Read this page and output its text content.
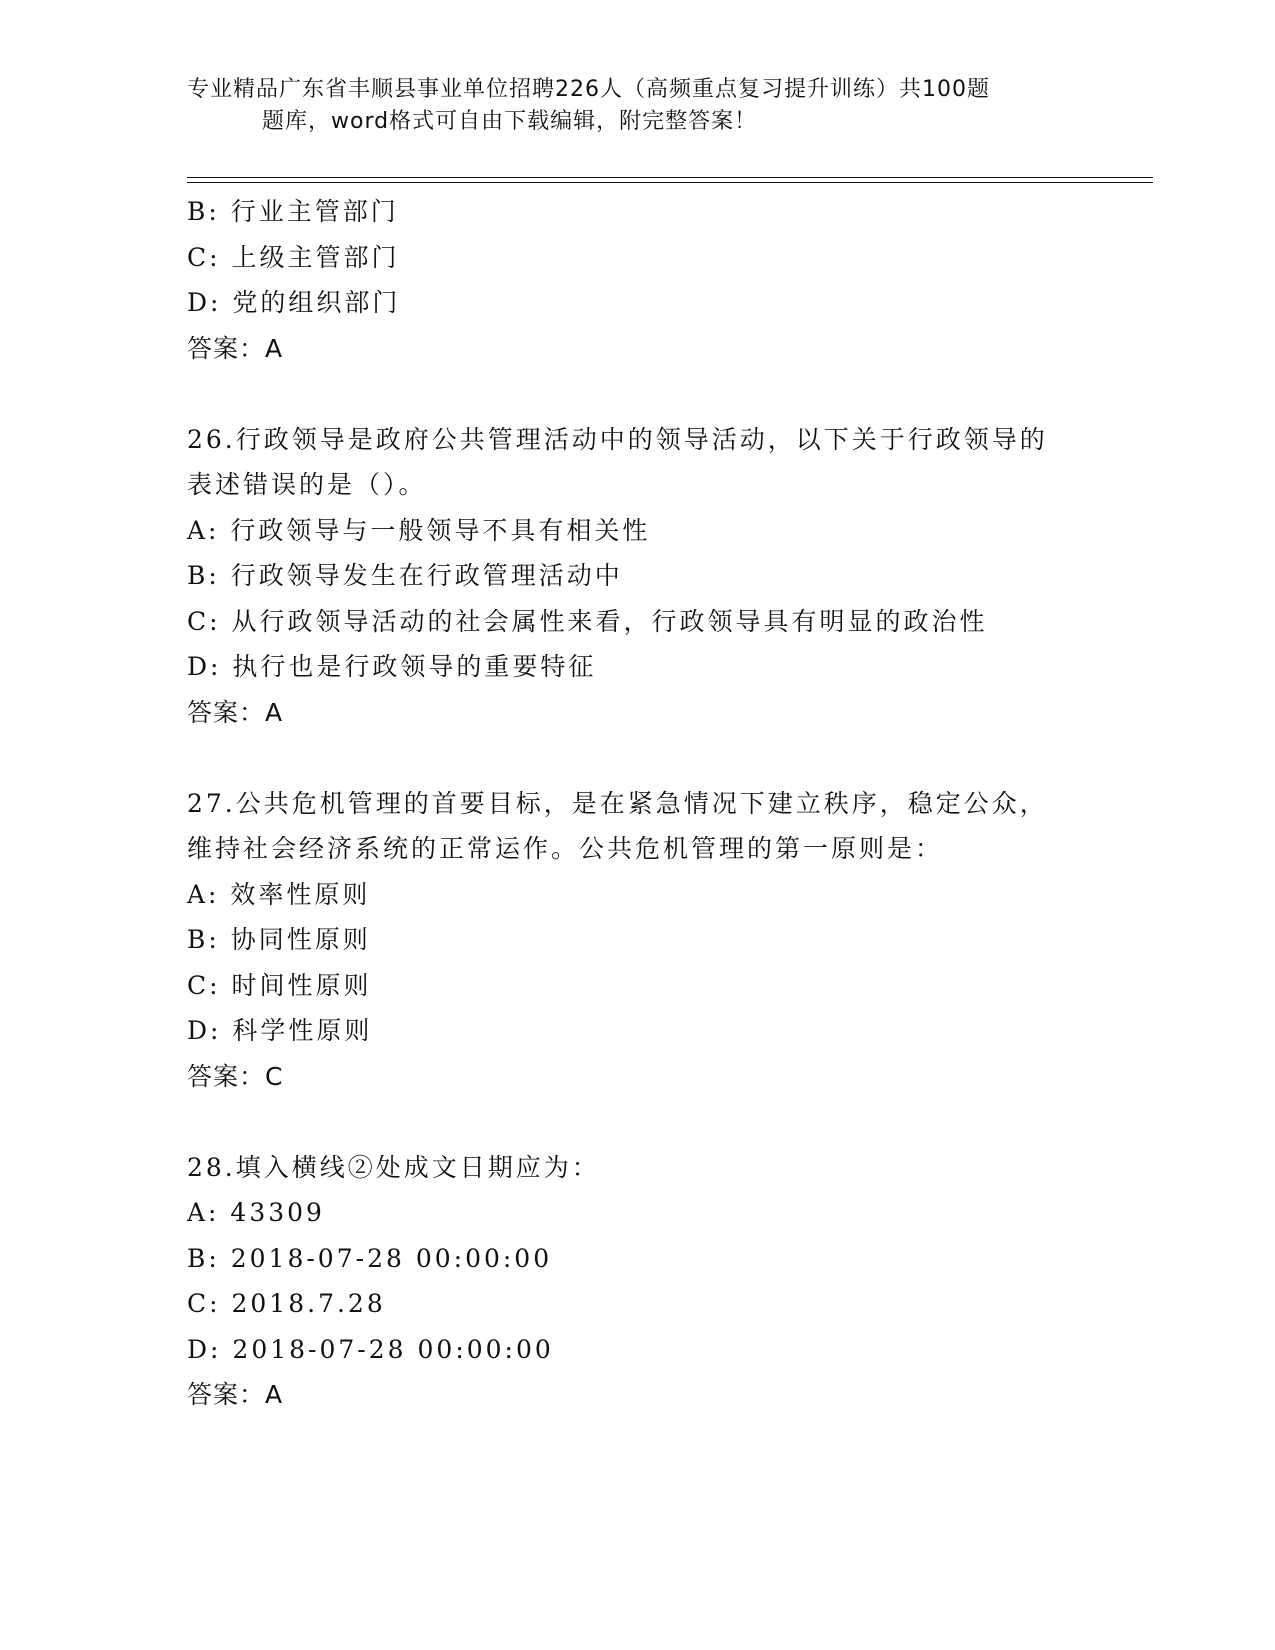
专业精品广东省丰顺县事业单位招聘226人（高频重点复习提升训练）共100题
题库，word格式可自由下载编辑，附完整答案！
B: 行业主管部门
C: 上级主管部门
D: 党的组织部门
答案：A
26.行政领导是政府公共管理活动中的领导活动，以下关于行政领导的
表述错误的是（）。
A: 行政领导与一般领导不具有相关性
B: 行政领导发生在行政管理活动中
C: 从行政领导活动的社会属性来看，行政领导具有明显的政治性
D: 执行也是行政领导的重要特征
答案：A
27.公共危机管理的首要目标，是在紧急情况下建立秩序，稳定公众，
维持社会经济系统的正常运作。公共危机管理的第一原则是：
A: 效率性原则
B: 协同性原则
C: 时间性原则
D: 科学性原则
答案：C
28.填入横线②处成文日期应为：
A: 43309
B: 2018-07-28 00:00:00
C: 2018.7.28
D: 2018-07-28 00:00:00
答案：A
